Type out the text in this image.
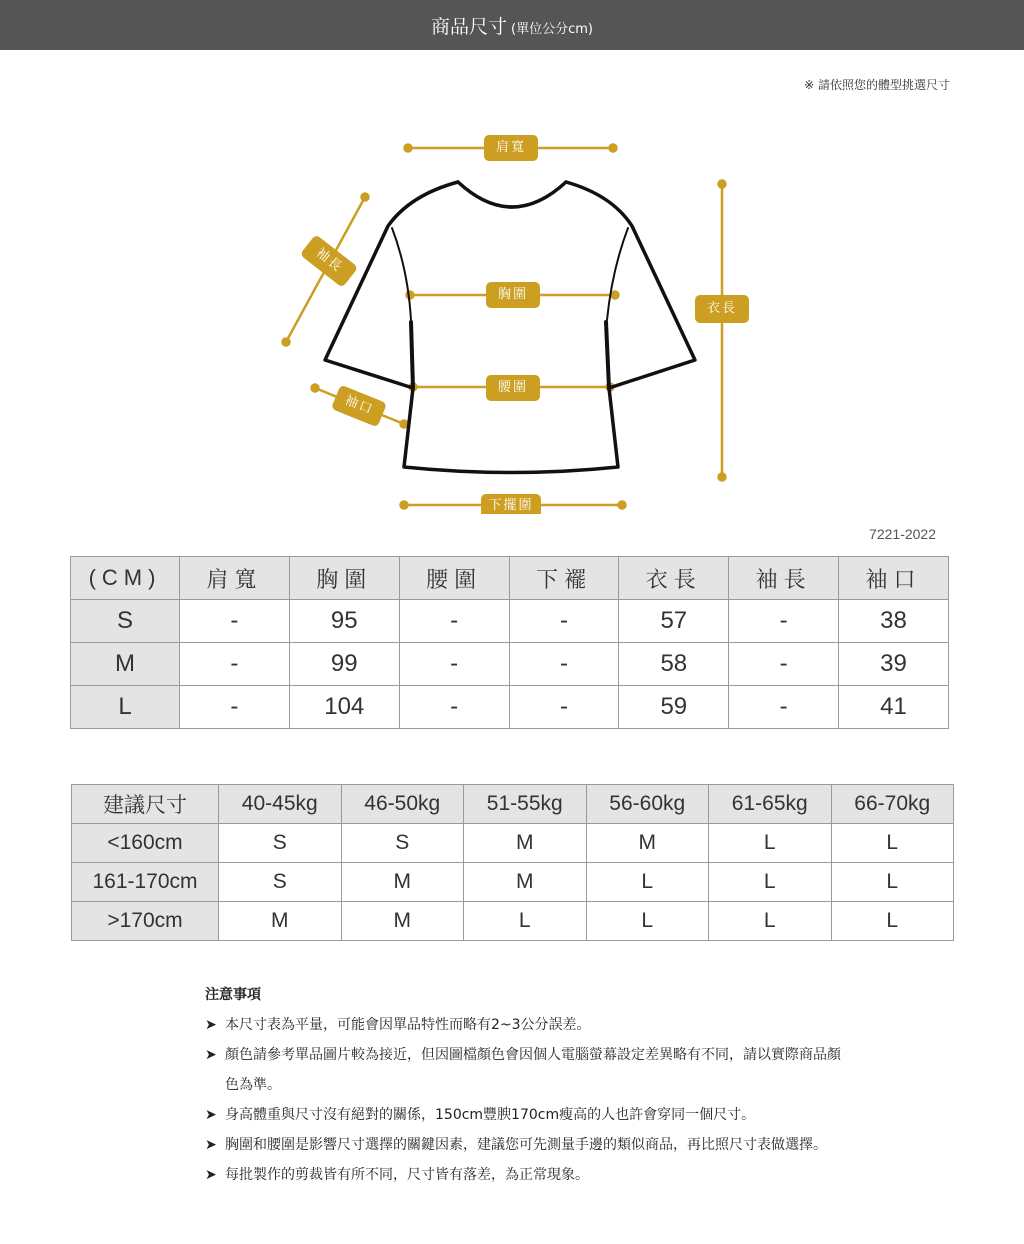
商品尺寸 (單位公分cm)
※ 請依照您的體型挑選尺寸
肩寬
袖長
胸圍
衣長
腰圍
袖口
下擺圍
7221-2022
(CM)	肩寬	胸圍	腰圍	下襬	衣長	袖長	袖口
S	-	95	-	-	57	-	38
M	-	99	-	-	58	-	39
L	-	104	-	-	59	-	41
建議尺寸	40-45kg	46-50kg	51-55kg	56-60kg	61-65kg	66-70kg
<160cm	S	S	M	M	L	L
161-170cm	S	M	M	L	L	L
>170cm	M	M	L	L	L	L
注意事項
➤ 本尺寸表為平量，可能會因單品特性而略有2~3公分誤差。
➤ 顏色請參考單品圖片較為接近，但因圖檔顏色會因個人電腦螢幕設定差異略有不同，請以實際商品顏色為準。
➤ 身高體重與尺寸沒有絕對的關係，150cm豐腴170cm瘦高的人也許會穿同一個尺寸。
➤ 胸圍和腰圍是影響尺寸選擇的關鍵因素，建議您可先測量手邊的類似商品，再比照尺寸表做選擇。
➤ 每批製作的剪裁皆有所不同，尺寸皆有落差，為正常現象。
